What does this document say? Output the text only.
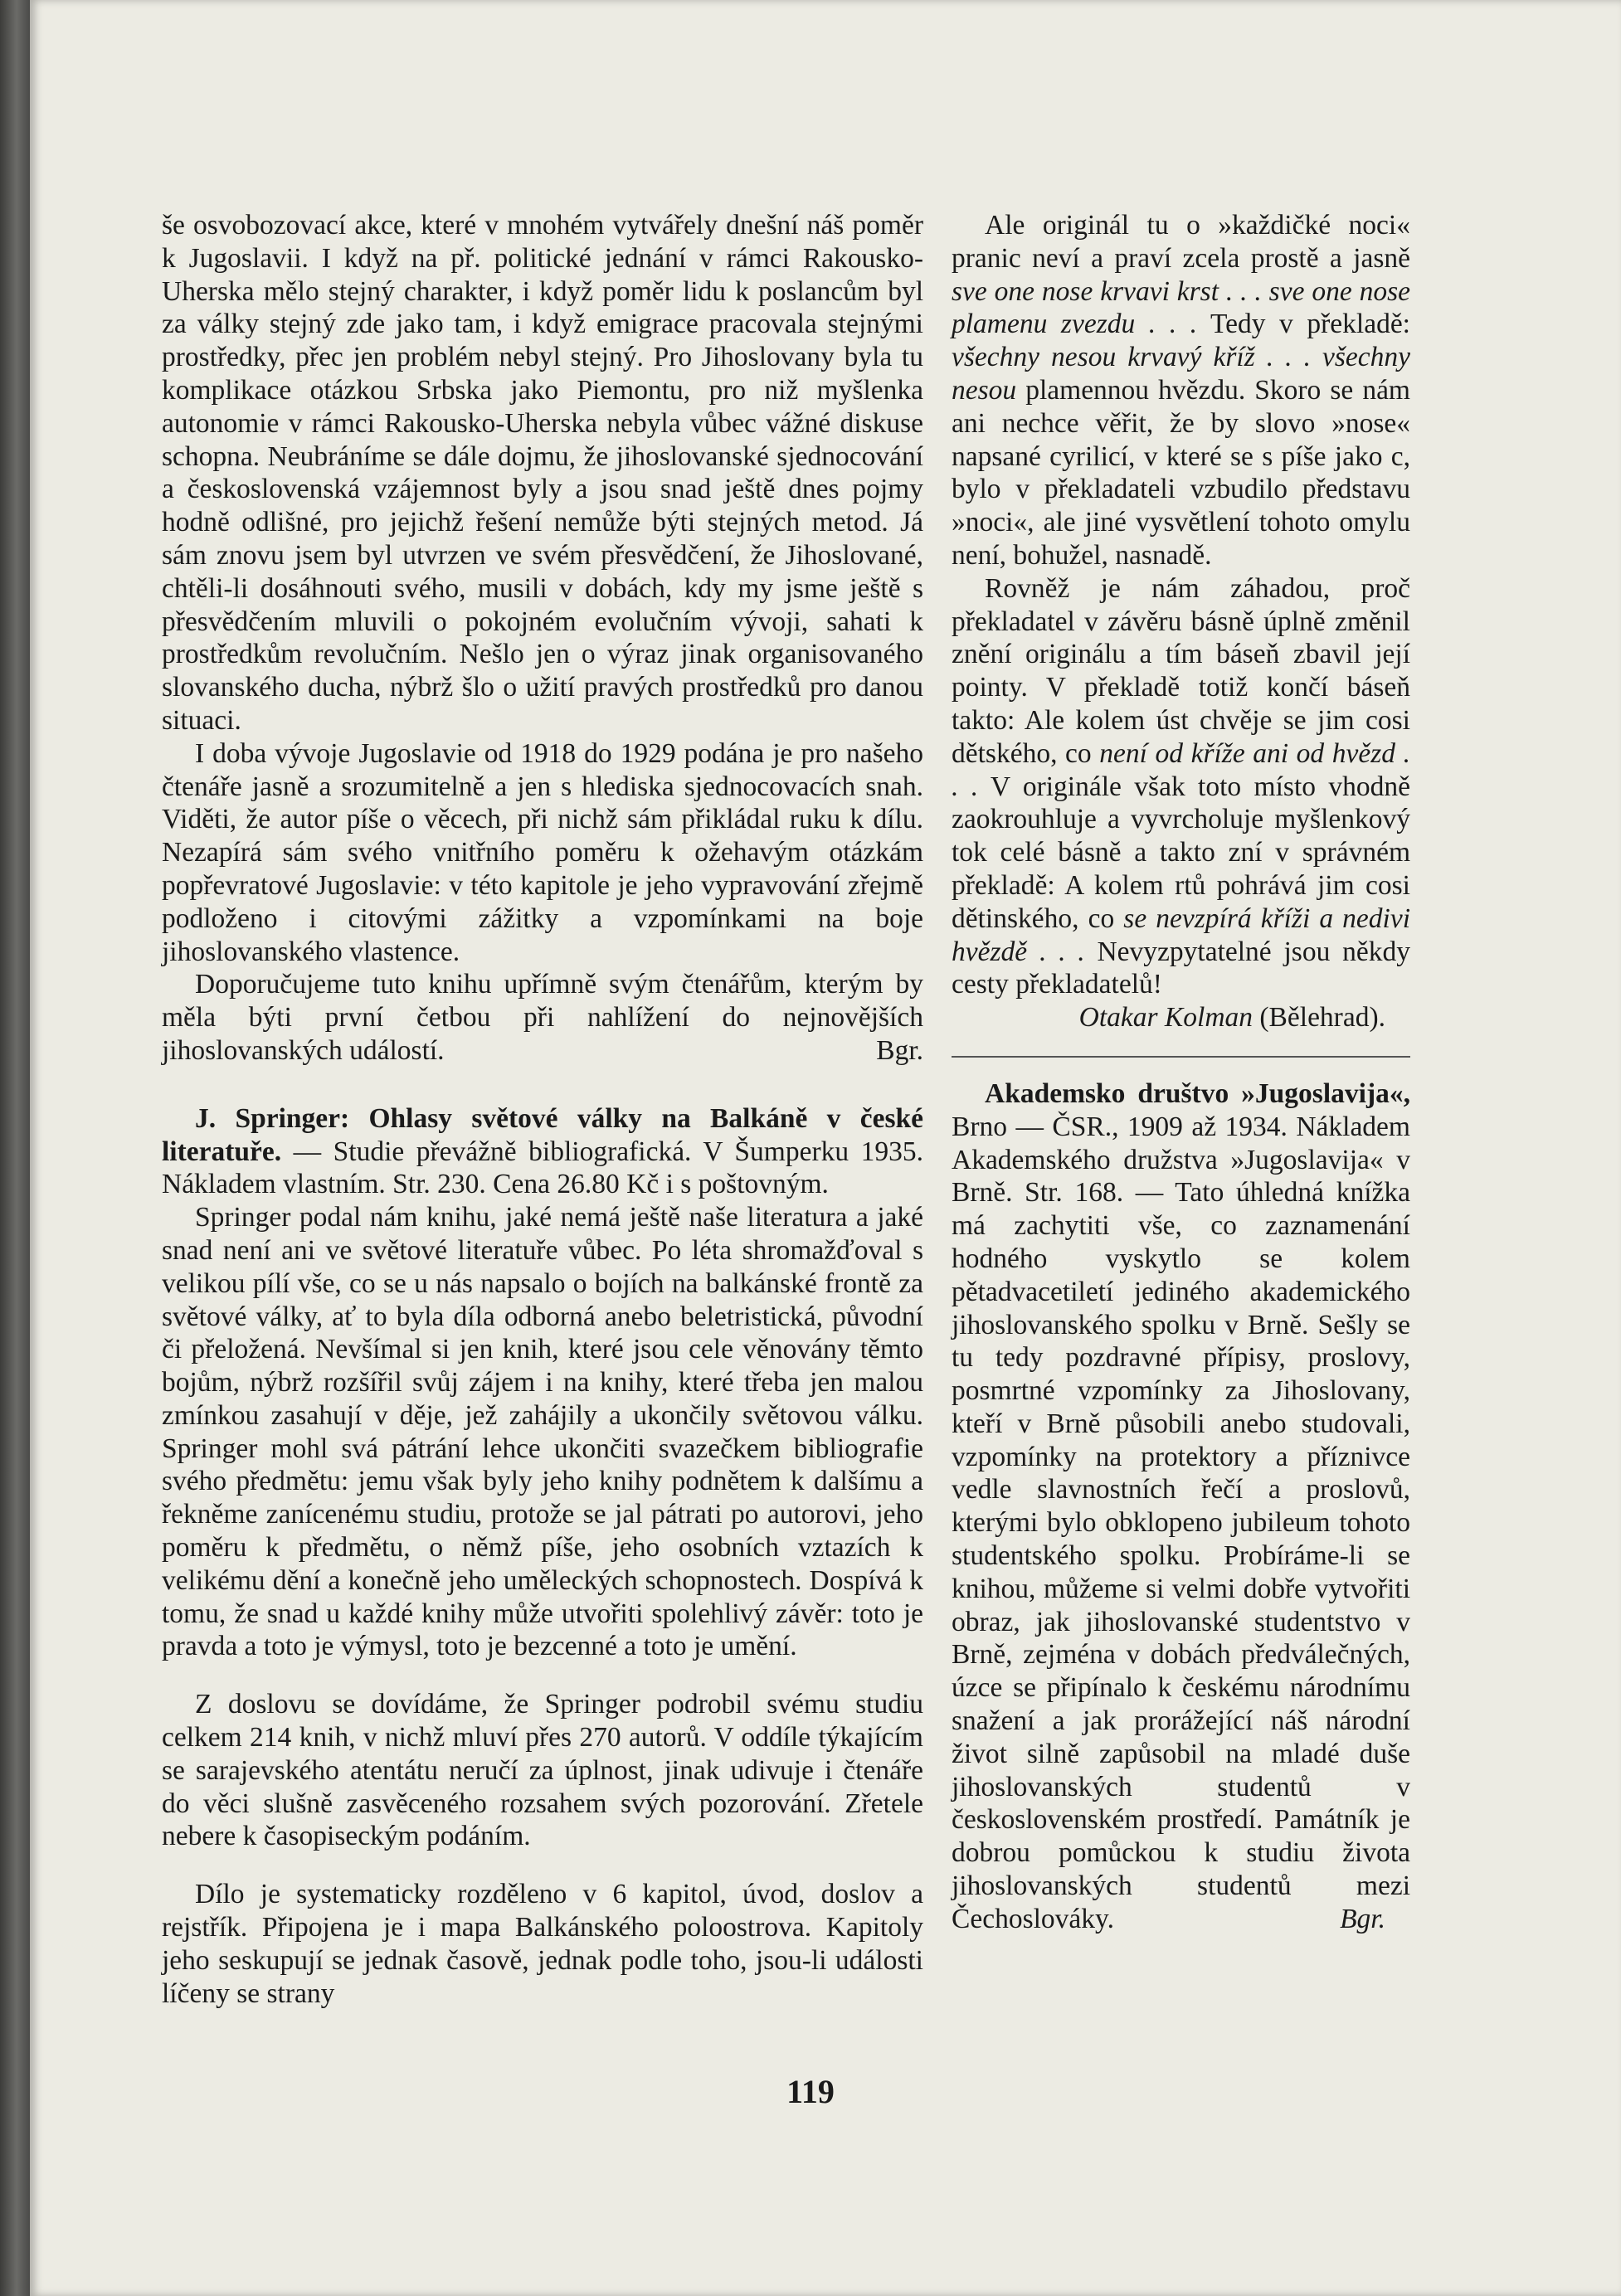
še osvobozovací akce, které v mnohém vytvářely dnešní náš poměr k Jugoslavii. I když na př. politické jednání v rámci Rakousko-Uherska mělo stejný charakter, i když poměr lidu k poslancům byl za války stejný zde jako tam, i když emigrace pracovala stejnými prostředky, přec jen problém nebyl stejný. Pro Jihoslovany byla tu komplikace otázkou Srbska jako Piemontu, pro niž myšlenka autonomie v rámci Rakousko-Uherska nebyla vůbec vážné diskuse schopna. Neubráníme se dále dojmu, že jihoslovanské sjednocování a československá vzájemnost byly a jsou snad ještě dnes pojmy hodně odlišné, pro jejichž řešení nemůže býti stejných metod. Já sám znovu jsem byl utvrzen ve svém přesvědčení, že Jihoslované, chtěli-li dosáhnouti svého, musili v dobách, kdy my jsme ještě s přesvědčením mluvili o pokojném evolučním vývoji, sahati k prostředkům revolučním. Nešlo jen o výraz jinak organisovaného slovanského ducha, nýbrž šlo o užití pravých prostředků pro danou situaci.

I doba vývoje Jugoslavie od 1918 do 1929 podána je pro našeho čtenáře jasně a srozumitelně a jen s hlediska sjednocovacích snah. Viděti, že autor píše o věcech, při nichž sám přikládal ruku k dílu. Nezapírá sám svého vnitřního poměru k ožehavým otázkám popřevratové Jugoslavie: v této kapitole je jeho vypravování zřejmě podloženo i citovými zážitky a vzpomínkami na boje jihoslovanského vlastence.

Doporučujeme tuto knihu upřímně svým čtenářům, kterým by měla býti první četbou při nahlížení do nejnovějších jihoslovanských událostí.	Bgr.

J. Springer: Ohlasy světové války na Balkáně v české literatuře. — Studie převážně bibliografická. V Šumperku 1935. Nákladem vlastním. Str. 230. Cena 26.80 Kč i s poštovným.

Springer podal nám knihu, jaké nemá ještě naše literatura a jaké snad není ani ve světové literatuře vůbec. Po léta shromažďoval s velikou pílí vše, co se u nás napsalo o bojích na balkánské frontě za světové války, ať to byla díla odborná anebo beletristická, původní či přeložená. Nevšímal si jen knih, které jsou cele věnovány těmto bojům, nýbrž rozšířil svůj zájem i na knihy, které třeba jen malou zmínkou zasahují v děje, jež zahájily a ukončily světovou válku. Springer mohl svá pátrání lehce ukončiti svazečkem bibliografie svého předmětu: jemu však byly jeho knihy podnětem k dalšímu a řekněme zanícenému studiu, protože se jal pátrati po autorovi, jeho poměru k předmětu, o němž píše, jeho osobních vztazích k velikému dění a konečně jeho uměleckých schopnostech. Dospívá k tomu, že snad u každé knihy může utvořiti spolehlivý závěr: toto je pravda a toto je výmysl, toto je bezcenné a toto je umění.

Z doslovu se dovídáme, že Springer podrobil svému studiu celkem 214 knih, v nichž mluví přes 270 autorů. V oddíle týkajícím se sarajevského atentátu neručí za úplnost, jinak udivuje i čtenáře do věci slušně zasvěceného rozsahem svých pozorování. Zřetele nebere k časopiseckým podáním.

Dílo je systematicky rozděleno v 6 kapitol, úvod, doslov a rejstřík. Připojena je i mapa Balkánského poloostrova. Kapitoly jeho seskupují se jednak časově, jednak podle toho, jsou-li události líčeny se strany

Ale originál tu o »každičké noci« pranic neví a praví zcela prostě a jasně sve one nose krvavi krst . . . sve one nose plamenu zvezdu . . . Tedy v překladě: všechny nesou krvavý kříž . . . všechny nesou plamennou hvězdu. Skoro se nám ani nechce věřit, že by slovo »nose« napsané cyrilicí, v které se s píše jako c, bylo v překladateli vzbudilo představu »noci«, ale jiné vysvětlení tohoto omylu není, bohužel, nasnadě.

Rovněž je nám záhadou, proč překladatel v závěru básně úplně změnil znění originálu a tím báseň zbavil její pointy. V překladě totiž končí báseň takto: Ale kolem úst chvěje se jim cosi dětského, co není od kříže ani od hvězd . . . V originále však toto místo vhodně zaokrouhluje a vyvrcholuje myšlenkový tok celé básně a takto zní v správném překladě: A kolem rtů pohrává jim cosi dětinského, co se nevzpírá kříži a nedivi hvězdě . . . Nevyzpytatelné jsou někdy cesty překladatelů!

Otakar Kolman (Bělehrad).

Akademsko društvo »Jugoslavija«, Brno — ČSR., 1909 až 1934. Nákladem Akademského družstva »Jugoslavija« v Brně. Str. 168. — Tato úhledná knížka má zachytiti vše, co zaznamenání hodného vyskytlo se kolem pětadvacetiletí jediného akademického jihoslovanského spolku v Brně. Sešly se tu tedy pozdravné přípisy, proslovy, posmrtné vzpomínky za Jihoslovany, kteří v Brně působili anebo studovali, vzpomínky na protektory a příznivce vedle slavnostních řečí a proslovů, kterými bylo obklopeno jubileum tohoto studentského spolku. Probíráme-li se knihou, můžeme si velmi dobře vytvořiti obraz, jak jihoslovanské studentstvo v Brně, zejména v dobách předválečných, úzce se připínalo k českému národnímu snažení a jak prorážející náš národní život silně zapůsobil na mladé duše jihoslovanských studentů v československém prostředí. Památník je dobrou pomůckou k studiu života jihoslovanských studentů mezi Čechoslováky.	Bgr.

119
